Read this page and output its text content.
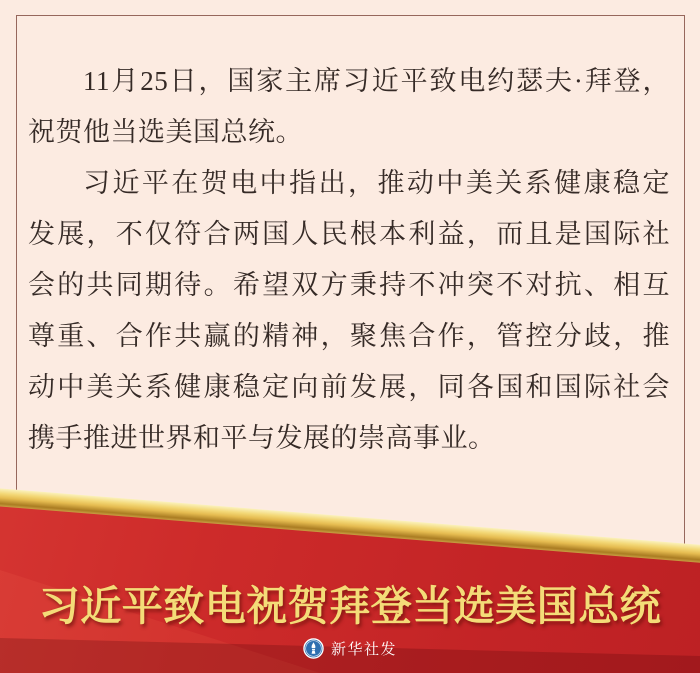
11月25日，国家主席习近平致电约瑟夫·拜登，
祝贺他当选美国总统。
习近平在贺电中指出，推动中美关系健康稳定
发展，不仅符合两国人民根本利益，而且是国际社
会的共同期待。希望双方秉持不冲突不对抗、相互
尊重、合作共赢的精神，聚焦合作，管控分歧，推
动中美关系健康稳定向前发展，同各国和国际社会
携手推进世界和平与发展的崇高事业。
习近平致电祝贺拜登当选美国总统
新华社发
